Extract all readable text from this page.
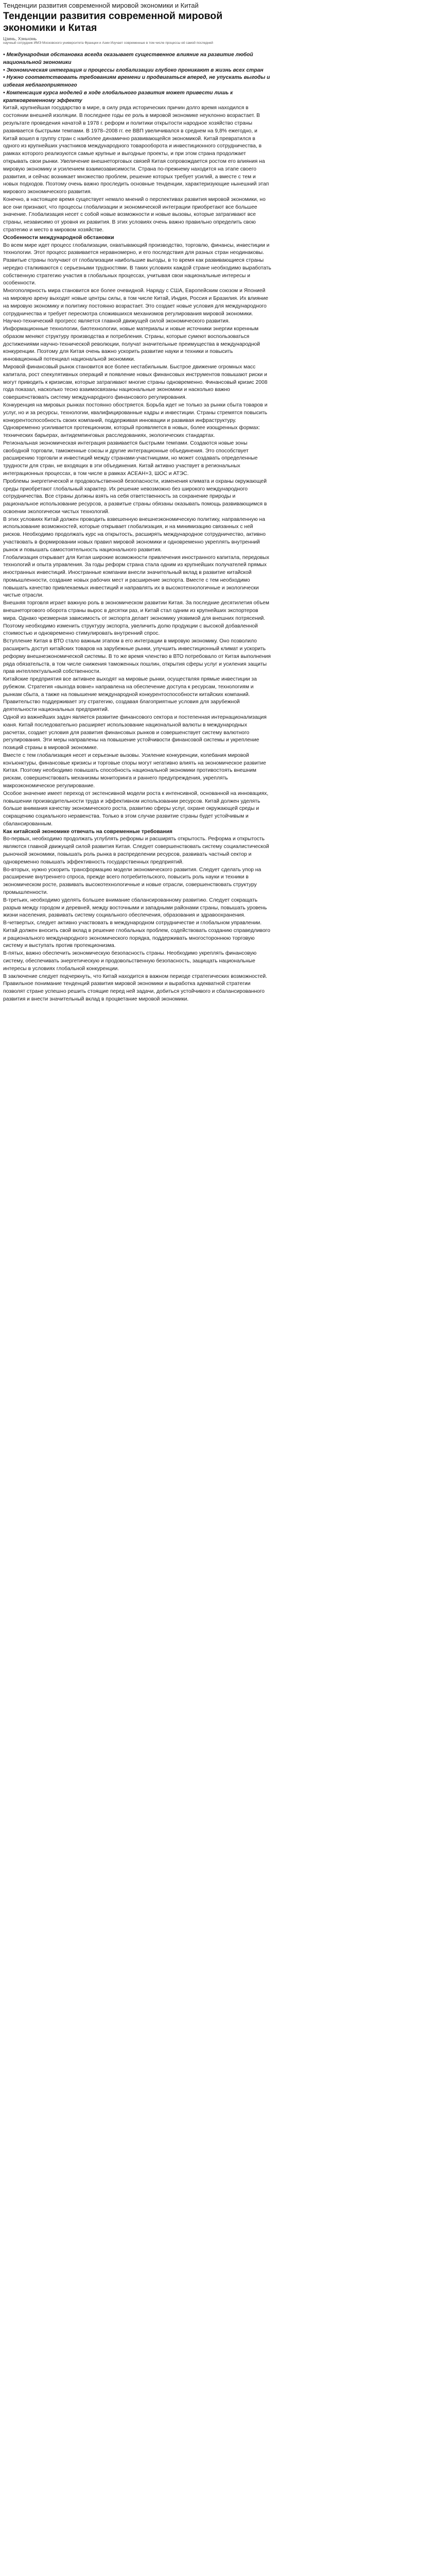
Тенденции развития современной мировой экономики и Китай
Тенденции развития современной мировой экономики и Китая
Цзинь, Хэньчэнь
научный сотрудник ИМЭ Московского университета Франции и Азии Изучает современные в том числе процессы её самой последней

• Международная обстановка всегда оказывает существенное влияние на развитие любой национальной экономики

• Экономическая интеграция и процессы глобализации глубоко проникают в жизнь всех стран

• Нужно соответствовать требованиям времени и продвигаться вперед, не упускать выгоды и избегая неблагоприятного

• Компенсация курса моделей в ходе глобального развития может привести лишь к кратковременному эффекту

Китай, крупнейшая государство в мире, в силу ряда исторических причин долго время находился в состоянии внешней изоляции. В последнее годы ее роль в мировой экономике неуклонно возрастает. В результате проведения начатой в 1978 г. реформ и политики открытости народное хозяйство страны развивается быстрыми темпами. В 1978–2008 гг. ее ВВП увеличивался в среднем на 9,8% ежегодно, и Китай вошел в группу стран с наиболее динамично развивающейся экономикой. Китай превратился в одного из крупнейших участников международного товарооборота и инвестиционного сотрудничества, в рамках которого реализуются самые крупные и выгодные проекты, и при этом страна продолжает открывать свои рынки. Увеличение внешнеторговых связей Китая сопровождается ростом его влияния на мировую экономику и усилением взаимозависимости. Страна по-прежнему находится на этапе своего развития, и сейчас возникает множество проблем, решение которых требует усилий, а вместе с тем и новых подходов. Поэтому очень важно проследить основные тенденции, характеризующие нынешний этап мирового экономического развития.

Конечно, в настоящее время существует немало мнений о перспективах развития мировой экономики, но все они признают, что процессы глобализации и экономической интеграции приобретают все большее значение. Глобализация несет с собой новые возможности и новые вызовы, которые затрагивают все страны, независимо от уровня их развития. В этих условиях очень важно правильно определить свою стратегию и место в мировом хозяйстве.

Особенности международной обстановки

Во всем мире идет процесс глобализации, охватывающий производство, торговлю, финансы, инвестиции и технологии. Этот процесс развивается неравномерно, и его последствия для разных стран неодинаковы. Развитые страны получают от глобализации наибольшие выгоды, в то время как развивающиеся страны нередко сталкиваются с серьезными трудностями. В таких условиях каждой стране необходимо выработать собственную стратегию участия в глобальных процессах, учитывая свои национальные интересы и особенности.

Многополярность мира становится все более очевидной. Наряду с США, Европейским союзом и Японией на мировую арену выходят новые центры силы, в том числе Китай, Индия, Россия и Бразилия. Их влияние на мировую экономику и политику постоянно возрастает. Это создает новые условия для международного сотрудничества и требует пересмотра сложившихся механизмов регулирования мировой экономики.

Научно-технический прогресс является главной движущей силой экономического развития. Информационные технологии, биотехнологии, новые материалы и новые источники энергии коренным образом меняют структуру производства и потребления. Страны, которые сумеют воспользоваться достижениями научно-технической революции, получат значительные преимущества в международной конкуренции. Поэтому для Китая очень важно ускорить развитие науки и техники и повысить инновационный потенциал национальной экономики.

Мировой финансовый рынок становится все более нестабильным. Быстрое движение огромных масс капитала, рост спекулятивных операций и появление новых финансовых инструментов повышают риски и могут приводить к кризисам, которые затрагивают многие страны одновременно. Финансовый кризис 2008 года показал, насколько тесно взаимосвязаны национальные экономики и насколько важно совершенствовать систему международного финансового регулирования.

Конкуренция на мировых рынках постоянно обостряется. Борьба идет не только за рынки сбыта товаров и услуг, но и за ресурсы, технологии, квалифицированные кадры и инвестиции. Страны стремятся повысить конкурентоспособность своих компаний, поддерживая инновации и развивая инфраструктуру. Одновременно усиливается протекционизм, который проявляется в новых, более изощренных формах: технических барьерах, антидемпинговых расследованиях, экологических стандартах.

Региональная экономическая интеграция развивается быстрыми темпами. Создаются новые зоны свободной торговли, таможенные союзы и другие интеграционные объединения. Это способствует расширению торговли и инвестиций между странами-участницами, но может создавать определенные трудности для стран, не входящих в эти объединения. Китай активно участвует в региональных интеграционных процессах, в том числе в рамках АСЕАН+3, ШОС и АТЭС.

Проблемы энергетической и продовольственной безопасности, изменения климата и охраны окружающей среды приобретают глобальный характер. Их решение невозможно без широкого международного сотрудничества. Все страны должны взять на себя ответственность за сохранение природы и рациональное использование ресурсов, а развитые страны обязаны оказывать помощь развивающимся в освоении экологически чистых технологий.

В этих условиях Китай должен проводить взвешенную внешнеэкономическую политику, направленную на использование возможностей, которые открывает глобализация, и на минимизацию связанных с ней рисков. Необходимо продолжать курс на открытость, расширять международное сотрудничество, активно участвовать в формировании новых правил мировой экономики и одновременно укреплять внутренний рынок и повышать самостоятельность национального развития.

Глобализация открывает для Китая широкие возможности привлечения иностранного капитала, передовых технологий и опыта управления. За годы реформ страна стала одним из крупнейших получателей прямых иностранных инвестиций. Иностранные компании внесли значительный вклад в развитие китайской промышленности, создание новых рабочих мест и расширение экспорта. Вместе с тем необходимо повышать качество привлекаемых инвестиций и направлять их в высокотехнологичные и экологически чистые отрасли.

Внешняя торговля играет важную роль в экономическом развитии Китая. За последние десятилетия объем внешнеторгового оборота страны вырос в десятки раз, и Китай стал одним из крупнейших экспортеров мира. Однако чрезмерная зависимость от экспорта делает экономику уязвимой для внешних потрясений. Поэтому необходимо изменить структуру экспорта, увеличить долю продукции с высокой добавленной стоимостью и одновременно стимулировать внутренний спрос.

Вступление Китая в ВТО стало важным этапом в его интеграции в мировую экономику. Оно позволило расширить доступ китайских товаров на зарубежные рынки, улучшить инвестиционный климат и ускорить реформу внешнеэкономической системы. В то же время членство в ВТО потребовало от Китая выполнения ряда обязательств, в том числе снижения таможенных пошлин, открытия сферы услуг и усиления защиты прав интеллектуальной собственности.

Китайские предприятия все активнее выходят на мировые рынки, осуществляя прямые инвестиции за рубежом. Стратегия «выхода вовне» направлена на обеспечение доступа к ресурсам, технологиям и рынкам сбыта, а также на повышение международной конкурентоспособности китайских компаний. Правительство поддерживает эту стратегию, создавая благоприятные условия для зарубежной деятельности национальных предприятий.

Одной из важнейших задач является развитие финансового сектора и постепенная интернационализация юаня. Китай последовательно расширяет использование национальной валюты в международных расчетах, создает условия для развития финансовых рынков и совершенствует систему валютного регулирования. Эти меры направлены на повышение устойчивости финансовой системы и укрепление позиций страны в мировой экономике.

Вместе с тем глобализация несет и серьезные вызовы. Усиление конкуренции, колебания мировой конъюнктуры, финансовые кризисы и торговые споры могут негативно влиять на экономическое развитие Китая. Поэтому необходимо повышать способность национальной экономики противостоять внешним рискам, совершенствовать механизмы мониторинга и раннего предупреждения, укреплять макроэкономическое регулирование.

Особое значение имеет переход от экстенсивной модели роста к интенсивной, основанной на инновациях, повышении производительности труда и эффективном использовании ресурсов. Китай должен уделять больше внимания качеству экономического роста, развитию сферы услуг, охране окружающей среды и сокращению социального неравенства. Только в этом случае развитие страны будет устойчивым и сбалансированным.

Как китайской экономике отвечать на современные требования

Во-первых, необходимо продолжать углублять реформы и расширять открытость. Реформа и открытость являются главной движущей силой развития Китая. Следует совершенствовать систему социалистической рыночной экономики, повышать роль рынка в распределении ресурсов, развивать частный сектор и одновременно повышать эффективность государственных предприятий.

Во-вторых, нужно ускорить трансформацию модели экономического развития. Следует сделать упор на расширение внутреннего спроса, прежде всего потребительского, повысить роль науки и техники в экономическом росте, развивать высокотехнологичные и новые отрасли, совершенствовать структуру промышленности.

В-третьих, необходимо уделять большее внимание сбалансированному развитию. Следует сокращать разрыв между городом и деревней, между восточными и западными районами страны, повышать уровень жизни населения, развивать систему социального обеспечения, образования и здравоохранения.

В-четвертых, следует активно участвовать в международном сотрудничестве и глобальном управлении. Китай должен вносить свой вклад в решение глобальных проблем, содействовать созданию справедливого и рационального международного экономического порядка, поддерживать многостороннюю торговую систему и выступать против протекционизма.

В-пятых, важно обеспечить экономическую безопасность страны. Необходимо укреплять финансовую систему, обеспечивать энергетическую и продовольственную безопасность, защищать национальные интересы в условиях глобальной конкуренции.

В заключение следует подчеркнуть, что Китай находится в важном периоде стратегических возможностей. Правильное понимание тенденций развития мировой экономики и выработка адекватной стратегии позволят стране успешно решить стоящие перед ней задачи, добиться устойчивого и сбалансированного развития и внести значительный вклад в процветание мировой экономики.
